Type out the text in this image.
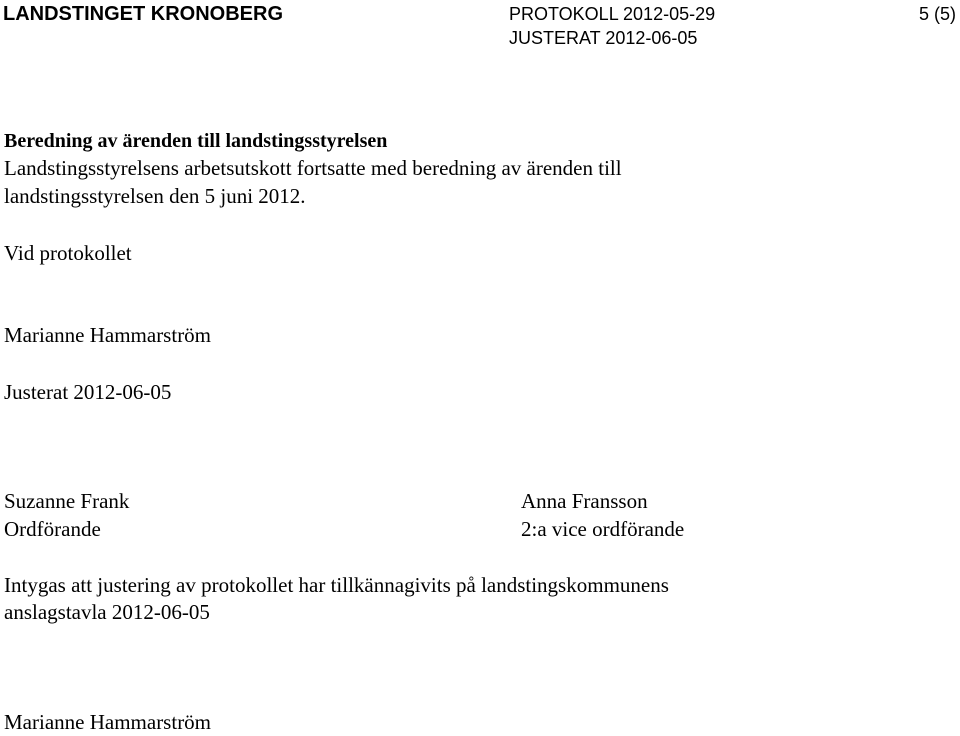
LANDSTINGET KRONOBERG	PROTOKOLL 2012-05-29
JUSTERAT 2012-06-05
5 (5)
Beredning av ärenden till landstingsstyrelsen
Landstingsstyrelsens arbetsutskott fortsatte med beredning av ärenden till
landstingsstyrelsen den 5 juni 2012.
Vid protokollet
Marianne Hammarström
Justerat 2012-06-05
Suzanne Frank
Ordförande
Anna Fransson
2:a vice ordförande
Intygas att justering av protokollet har tillkännagivits på landstingskommunens
anslagstavla 2012-06-05
Marianne Hammarström
